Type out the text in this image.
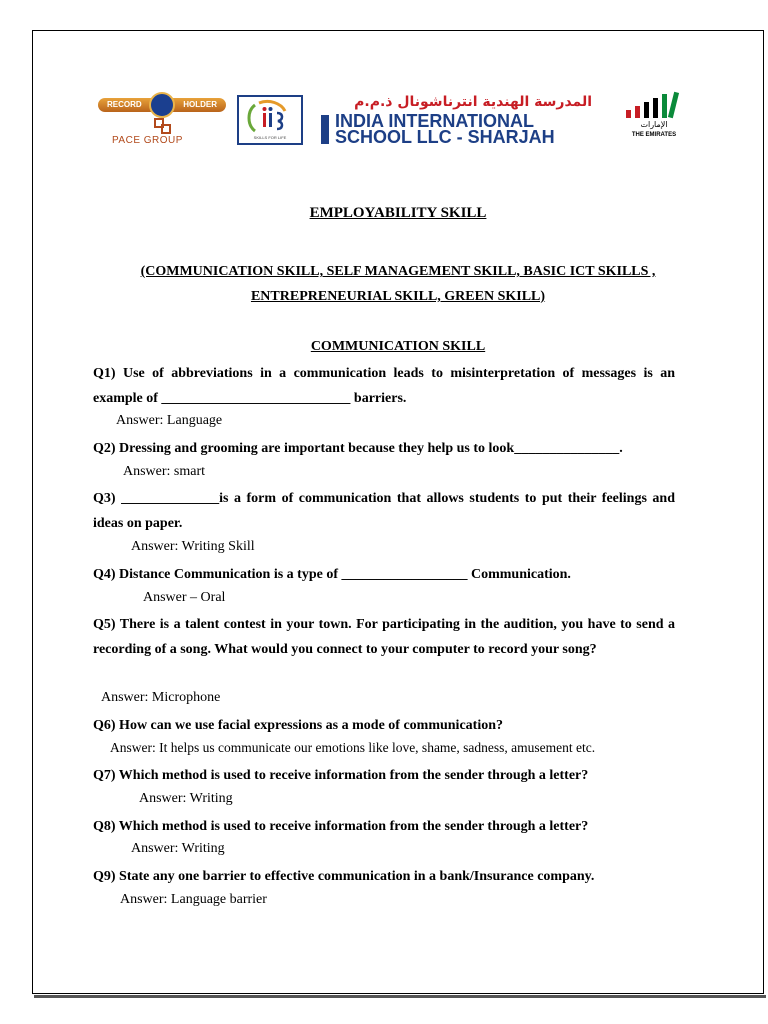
RECORD	HOLDER
PACE GROUP	SKILLS FOR LIFE
المدرسة الهندية انترناشونال ذ.م.م
INDIA INTERNATIONAL
SCHOOL LLC - SHARJAH
الإمارات
THE EMIRATES
EMPLOYABILITY SKILL
(COMMUNICATION SKILL, SELF MANAGEMENT SKILL, BASIC ICT SKILLS ,
ENTREPRENEURIAL SKILL, GREEN SKILL)
COMMUNICATION SKILL
Q1) Use of abbreviations in a communication leads to misinterpretation of messages is an example of ___________________________ barriers.
Answer: Language
Q2) Dressing and grooming are important because they help us to look_______________.
Answer: smart
Q3) ______________is a form of communication that allows students to put their feelings and ideas on paper.
Answer: Writing Skill
Q4) Distance Communication is a type of __________________ Communication.
Answer – Oral
Q5) There is a talent contest in your town. For participating in the audition, you have to send a recording of a song. What would you connect to your computer to record your song?
Answer: Microphone
Q6) How can we use facial expressions as a mode of communication?
Answer: It helps us communicate our emotions like love, shame, sadness, amusement etc.
Q7) Which method is used to receive information from the sender through a letter?
Answer: Writing
Q8) Which method is used to receive information from the sender through a letter?
Answer: Writing
Q9) State any one barrier to effective communication in a bank/Insurance company.
Answer: Language barrier
